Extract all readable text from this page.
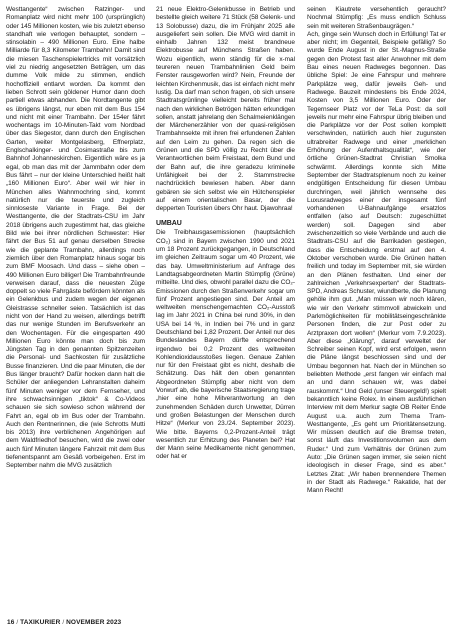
Westtangente“ zwischen Ratzinger- und Romanplatz wird nicht mehr 100 (ursprünglich) oder 145 Millionen kosten, wie bis zuletzt ebenso standhaft wie verlogen behauptet, sondern – stinsolabin – 490 Millionen Euro. Eine halbe Milliarde für 8,3 Kilometer Trambahn! Damit sind die miesen Taschenspielertricks mit vorsätzlich viel zu niedrig angesetzten Beträgen, um das dumme Volk milde zu stimmen, endlich hochoffiziell entlarvt worden. Da kommt den lieben Schrott sein göldener Humor dann doch partiell etwas abhanden. Die Nordtangente gibt es übrigens längst, nur eben mit dem Bus 154 und nicht mit einer Trambahn. Der 154er fährt wochentags im 10-Minuten-Takt vom Nordbad über das Siegestor, dann durch den Englischen Garten, weiter Montgelasberg, Effnerplatz, Englschalkinger- und Cosimastraße bis zum Bahnhof Johanneskirchen. Eigentlich wäre es ja egal, ob man das mit der Jammbahn oder dem Bus fährt – nur der kleine Unterschied heißt halt „160 Millionen Euro“. Aber weil wir hier in München alles Wahnmochring sind, kommt natürlich nur die teuerste und zugleich sinnloseste Variante in Frage. Bei der Westtangente, die der Stadtrats-CSU im Jahr 2018 übrigens auch zugestimmt hat, das gleiche Bild wie bei ihrer nördlichen Schwester: Hier fährt der Bus 51 auf genau derselben Strecke wie die geplante Trambahn, allerdings noch ziemlich über den Romanplatz hinaus sogar bis zum BMF Moosach. Und dass – siehe oben – 490 Millionen Euro billiger! Die Trambahnfreunde verweisen darauf, dass die neuesten Züge doppelt so viele Fahrgäste befördern könnten als ein Gelenkbus und zudem wegen der eigenen Gleistrasse schneller seien. Tatsächlich ist das nicht von der Hand zu weisen, allerdings betrifft das nur wenige Stunden im Berufsverkehr an den Wochentagen. Für die eingesparten 490 Millionen Euro könnte man doch bis zum Jüngsten Tag in den genannten Spitzenzeiten die Personal- und Sachkosten für zusätzliche Busse finanzieren. Und die paar Minuten, die der Bus länger braucht? Dafür hocken dann halt die Schüler der anliegenden Lehranstalten daheim fünf Minuten weniger vor dem Fernseher, und ihre schwachsinnigen „tiktok“ & Co-Videos schauen sie sich sowieso schon während der Fahrt an, egal ob im Bus oder der Trambahn. Auch den Rentnerinnen, die (wie Schrotts Mutti bis 2013) ihre verblichenen Angehörigen auf dem Waldfriedhof besuchen, wird die zwei oder auch fünf Minuten längere Fahrzeit mit dem Bus tiefenentspannt am Gesäß vorbeigehen. Erst im September nahm die MVG zusätzlich

21 neue Elektro-Gelenkbusse in Betrieb und bestellte gleich weitere 71 Stück (58 Gelenk- und 13 Solobusse) dazu, die im Frühjahr 2025 alle ausgeliefert sein sollen. Die MVG wird damit in einhalb Jahren 132 meist brandneue Elektrobusse auf Münchens Straßen haben. Wozu eigentlich, wenn ständig für die x-mal teureren neuen Trambahnlinien Geld beim Fenster rausgeworfen wird? Nein, Freunde der leichten Kirchenmusik, das ist einfach nicht mehr lustig. Da darf man schon fragen, ob sich unsere Stadtratsgrünlinge vielleicht bereits früher mal nach den wirklichen Betrögen hätten erkundigen sollen, anstatt jahrelang den Schalmeienklängen der Märchenerzähler von der quasi-religiösen Trambahnsekte mit ihren frei erfundenen Zahlen auf den Leim zu gehen. Da regen sich die Grünen und die SPD völlig zu Recht über die Verantwortlichen beim Freistaat, dem Bund und der Bahn auf, die ihre geradezu kriminelle Unfähigkeit bei der 2. Stammstrecke nachdrücklich bewiesen haben. Aber dann gebären sie sich selbst wie ein Hütchenspieler auf einem orientalischen Basar, der die depperten Touristen übers Ohr haut. Djawohraa!

UMBAU

Die Treibhausgasemissionen (hauptsächlich CO₂) sind in Bayern zwischen 1990 und 2021 um 18 Prozent zurückgegangen, in Deutschland im gleichen Zeitraum sogar um 40 Prozent, wie das bay. Umweltministerium auf Anfrage des Landtagsabgeordneten Martin Stümpfig (Grüne) mitteilte. Und dies, obwohl parallel dazu die CO₂-Emissionen durch den Straßenverkehr sogar um fünf Prozent angestiegen sind. Der Anteil am weltweiten menschengemachten CO₂-Ausstoß lag im Jahr 2021 in China bei rund 30%, in den USA bei 14 %, in Indien bei 7% und in ganz Deutschland bei 1,82 Prozent. Der Anteil nur des Bundeslandes Bayern dürfte entsprechend irgendwo bei 0,2 Prozent des weltweiten Kohlendioxidausstoßes liegen. Genaue Zahlen nur für den Freistaat gibt es nicht, deshalb die Schätzung. Das hält den oben genannten Abgeordneten Stümpfig aber nicht von dem Vorwurf ab, die bayerische Staatsregierung trage „hier eine hohe Mitverantwortung an den zunehmenden Schäden durch Unwetter, Dürren und großen Belastungen der Menschen durch Hitze“ (Merkur von 23./24. September 2023). Wie bitte. Bayerns 0,2-Prozent-Anteil trägt wesentlich zur Erhitzung des Planeten bei? Hat der Mann seine Medikamente nicht genommen, oder hat er

seinen Kiautrete versehentlich geraucht? Nochmal Stümpfig: „Es muss endlich Schluss sein mit weiteren Straßenbaugrägen.“

Ach, ginge sein Wunsch doch in Erfüllung! Tat er aber nicht; im Gegenteil, Beispiele gefällig? So wurde Ende August in der St.-Magnus-Straße gegen den Protest fast aller Anwohner mit dem Bau eines neuen Radweges begonnen. Das übliche Spiel: Je eine Fahrspur und mehrere Parkplätze weg, dafür jeweils Geh- und Radwege. Bauzeit mindestens bis Ende 2024, Kosten von 3,5 Millionen Euro. Oder der Tegernseer Platz vor der TeLa Post: da soll jeweils nur mehr eine Fahrspur übrig bleiben und die Parkplätze vor der Post sollen komplett verschwinden, natürlich auch hier zugunsten ultrabreiter Radwege und einer „merklichen Erhöhung der Aufenthaltsqualität“, wie der örtliche Grünen-Stadtrat Christian Smolka schwärmt. Allerdings konnte sich Mitte September der Stadtratsplenum noch zu keiner endgültigen Entscheidung für diesen Umbau durchringen, weil jährlich wennsehe des Luxusradweges einer der insgesamt fünf vorhandenen U-Bahnaufgänge ersatzlos entfallen (also auf Deutsch: zugeschüttet werden) soll. Dagegen sind aber zwischenzeitlich so viele Verbände und auch die Stadtrats-CSU auf die Barrikaden gestiegen, dass die Entscheidung erstmal auf den 4. Oktober verschoben wurde. Die Grünen hatten freilich und today im September mit, sie würden an den Plänen festhalten. Und einer der zahlreichen „Verkehrsexperten“ der Stadtrats-SPD, Andreas Schuster, wiundberte, die Planung gehöle ihm gut. „Man müssen wir noch klären, wie wir den Verkehr stimmvoll abwickeln und Parkmöglichkeiten für mobilitätseingeschränkte Personen finden, die zur Post oder zu Arztpraxen dort wollen“ (Merkur vom 7.9.2023). Aber diese „Klärung“, darauf verweltet der Schreiber seinen Kopf, wird erst erfolgen, wenn die Pläne längst beschlossen sind und der Umbau begonnen hat. Nach der in München so beliebten Methode „erst fangen wir einfach mal an und dann schauen wir, was dabei rauskommt.“ Und Geld (unser Steuergeld!) spielt bekanntlich keine Rolex. In einem ausführlichen Interview mit dem Merkur sagte OB Reiter Ende August u.a. auch zum Thema Tram-Westtangente, „Es geht um Prioritätensetzung. Wir müssen deutlich auf die Bremse treten, sonst läuft das Investitionsvolumen aus dem Ruder.“ Und zum Verhältnis der Grünen zum Auto: „Die Grünen sagen immer, sie seien nicht ideologisch in dieser Frage, sind es aber.“ Letztes Zitat: „Wir haben brennendere Themen in der Stadt als Radwege.“ Rakatide, hat der Mann Recht!

16 / TAXIKURIER / NOVEMBER 2023
